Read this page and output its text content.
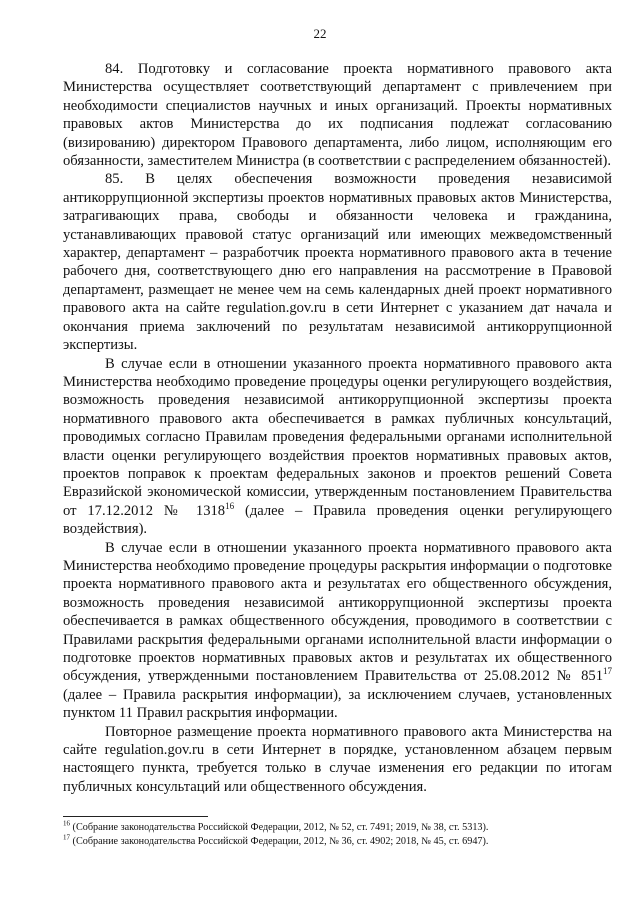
22

84. Подготовку и согласование проекта нормативного правового акта Министерства осуществляет соответствующий департамент с привлечением при необходимости специалистов научных и иных организаций. Проекты нормативных правовых актов Министерства до их подписания подлежат согласованию (визированию) директором Правового департамента, либо лицом, исполняющим его обязанности, заместителем Министра (в соответствии с распределением обязанностей).

85. В целях обеспечения возможности проведения независимой антикоррупционной экспертизы проектов нормативных правовых актов Министерства, затрагивающих права, свободы и обязанности человека и гражданина, устанавливающих правовой статус организаций или имеющих межведомственный характер, департамент – разработчик проекта нормативного правового акта в течение рабочего дня, соответствующего дню его направления на рассмотрение в Правовой департамент, размещает не менее чем на семь календарных дней проект нормативного правового акта на сайте regulation.gov.ru в сети Интернет с указанием дат начала и окончания приема заключений по результатам независимой антикоррупционной экспертизы.

В случае если в отношении указанного проекта нормативного правового акта Министерства необходимо проведение процедуры оценки регулирующего воздействия, возможность проведения независимой антикоррупционной экспертизы проекта нормативного правового акта обеспечивается в рамках публичных консультаций, проводимых согласно Правилам проведения федеральными органами исполнительной власти оценки регулирующего воздействия проектов нормативных правовых актов, проектов поправок к проектам федеральных законов и проектов решений Совета Евразийской экономической комиссии, утвержденным постановлением Правительства от 17.12.2012 № 1318$^{16}$ (далее – Правила проведения оценки регулирующего воздействия).

В случае если в отношении указанного проекта нормативного правового акта Министерства необходимо проведение процедуры раскрытия информации о подготовке проекта нормативного правового акта и результатах его общественного обсуждения, возможность проведения независимой антикоррупционной экспертизы проекта обеспечивается в рамках общественного обсуждения, проводимого в соответствии с Правилами раскрытия федеральными органами исполнительной власти информации о подготовке проектов нормативных правовых актов и результатах их общественного обсуждения, утвержденными постановлением Правительства от 25.08.2012 № $851^{17}$ (далее – Правила раскрытия информации), за исключением случаев, установленных пунктом 11 Правил раскрытия информации.

Повторное размещение проекта нормативного правового акта Министерства на сайте regulation.gov.ru в сети Интернет в порядке, установленном абзацем первым настоящего пункта, требуется только в случае изменения его редакции по итогам публичных консультаций или общественного обсуждения.

$^{16}$ (Собрание законодательства Российской Федерации, 2012, № 52, ст. 7491; 2019, № 38, ст. 5313).

$^{17}$ (Собрание законодательства Российской Федерации, 2012, № 36, ст. 4902; 2018, № 45, ст. 6947).
